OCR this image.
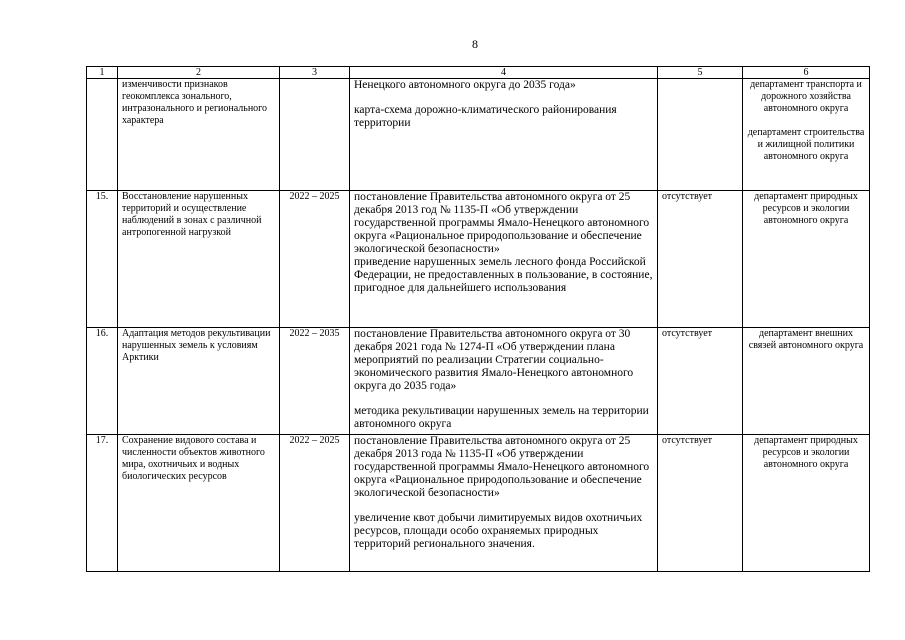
8
1	2	3	4	5	6
	изменчивости признаков геокомплекса зонального, интразонального и регионального характера		Ненецкого автономного округа до 2035 года»
карта-схема дорожно-климатического районирования территории		департамент транспорта и дорожного хозяйства автономного округа
департамент строительства и жилищной политики автономного округа

15.	Восстановление нарушенных территорий и осуществление наблюдений в зонах с различной антропогенной нагрузкой	2022 – 2025	постановление Правительства автономного округа от 25 декабря 2013 год № 1135-П «Об утверждении государственной программы Ямало-Ненецкого автономного округа «Рациональное природопользование и обеспечение экологической безопасности»
приведение нарушенных земель лесного фонда Российской Федерации, не предоставленных в пользование, в состояние, пригодное для дальнейшего использования	отсутствует	департамент природных ресурсов и экологии автономного округа

16.	Адаптация методов рекультивации нарушенных земель к условиям Арктики	2022 – 2035	постановление Правительства автономного округа от 30 декабря 2021 года № 1274-П «Об утверждении плана мероприятий по реализации Стратегии социально-экономического развития Ямало-Ненецкого автономного округа до 2035 года»
методика рекультивации нарушенных земель на территории автономного округа	отсутствует	департамент внешних связей автономного округа

17.	Сохранение видового состава и численности объектов животного мира, охотничьих и водных биологических ресурсов	2022 – 2025	постановление Правительства автономного округа от 25 декабря 2013 года № 1135-П «Об утверждении государственной программы Ямало-Ненецкого автономного округа «Рациональное природопользование и обеспечение экологической безопасности»
увеличение квот добычи лимитируемых видов охотничьих ресурсов, площади особо охраняемых природных территорий регионального значения.	отсутствует	департамент природных ресурсов и экологии автономного округа
